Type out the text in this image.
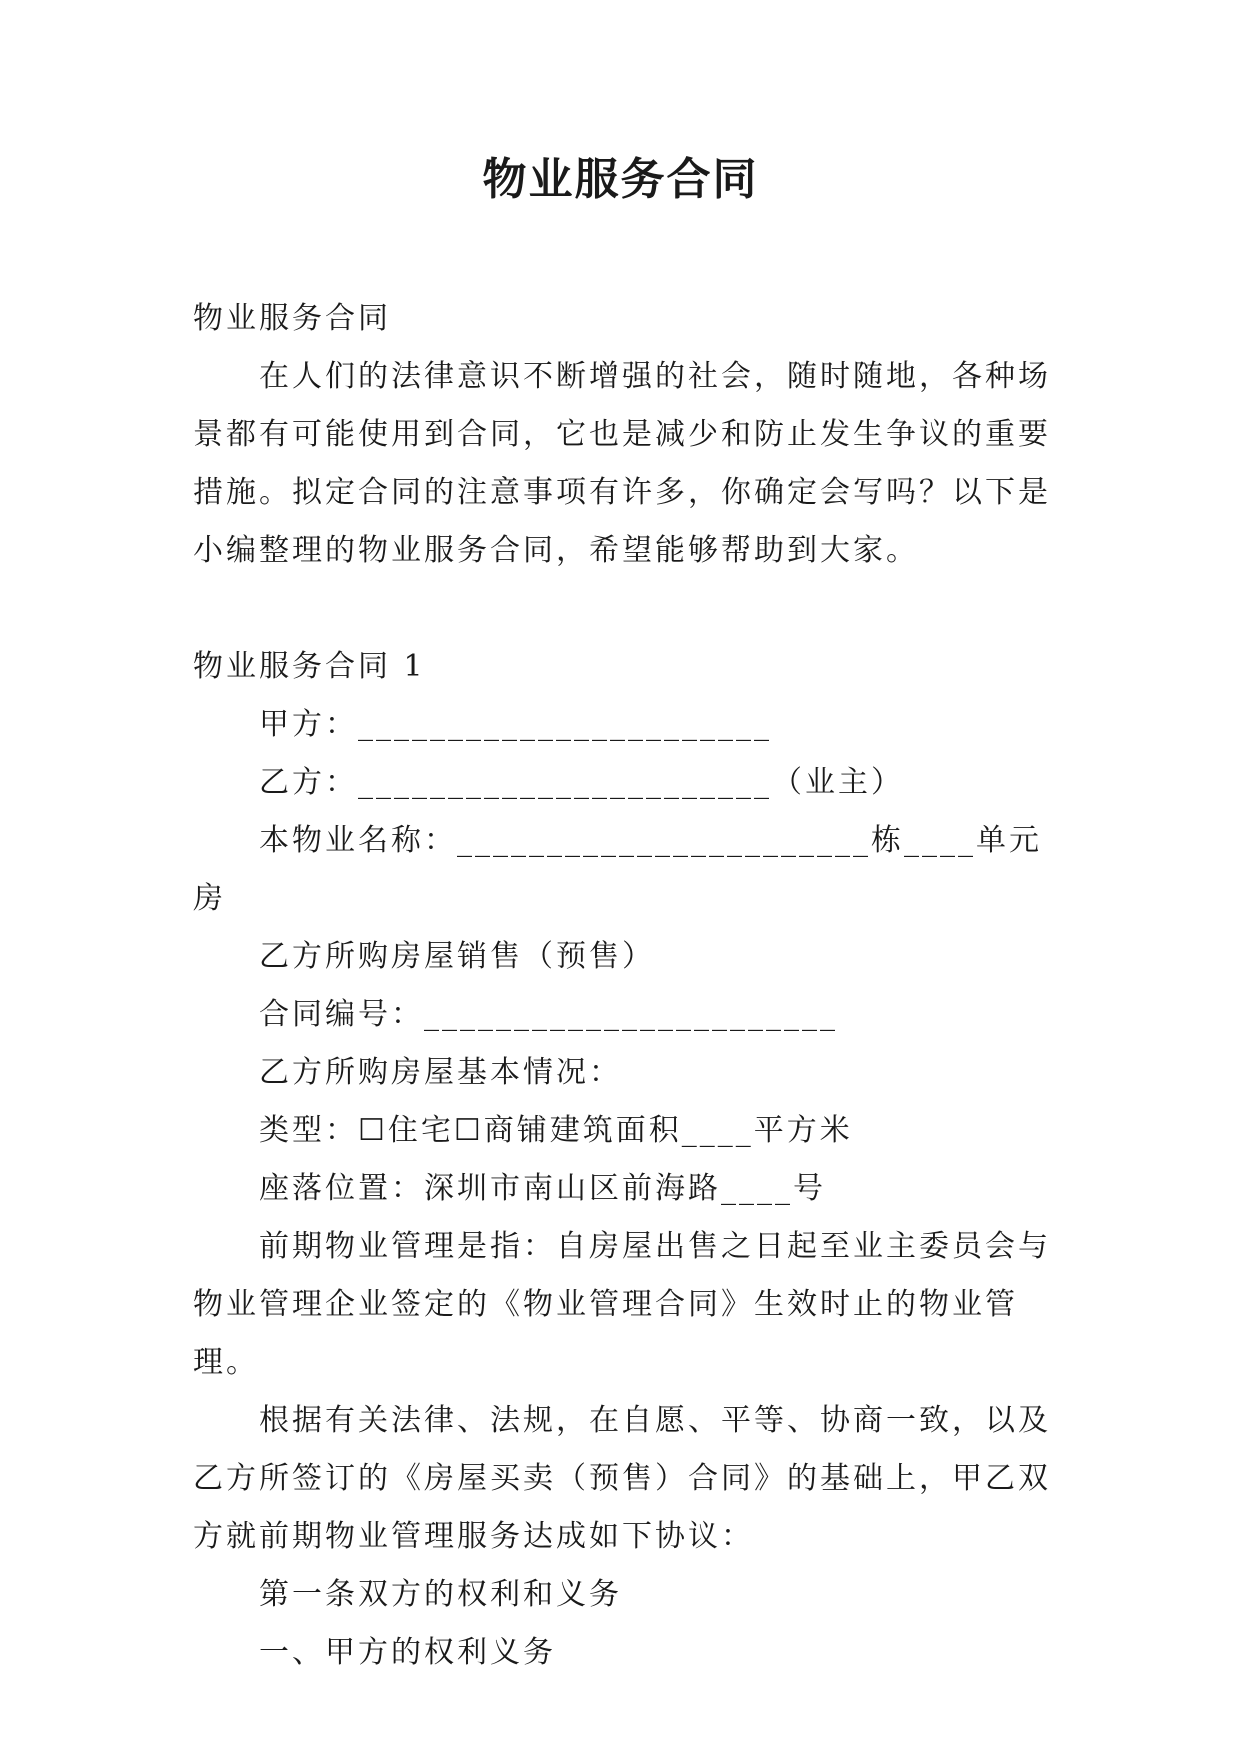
物业服务合同

物业服务合同

在人们的法律意识不断增强的社会，随时随地，各种场景都有可能使用到合同，它也是减少和防止发生争议的重要措施。拟定合同的注意事项有许多，你确定会写吗？以下是小编整理的物业服务合同，希望能够帮助到大家。

物业服务合同 1

甲方：_______________________

乙方：_______________________（业主）

本物业名称：_______________________栋____单元房

乙方所购房屋销售（预售）

合同编号：_______________________

乙方所购房屋基本情况：

类型：☐住宅☐商铺建筑面积____平方米

座落位置：深圳市南山区前海路____号

前期物业管理是指：自房屋出售之日起至业主委员会与物业管理企业签定的《物业管理合同》生效时止的物业管理。

根据有关法律、法规，在自愿、平等、协商一致，以及乙方所签订的《房屋买卖（预售）合同》的基础上，甲乙双方就前期物业管理服务达成如下协议：

第一条双方的权利和义务

一、甲方的权利义务
